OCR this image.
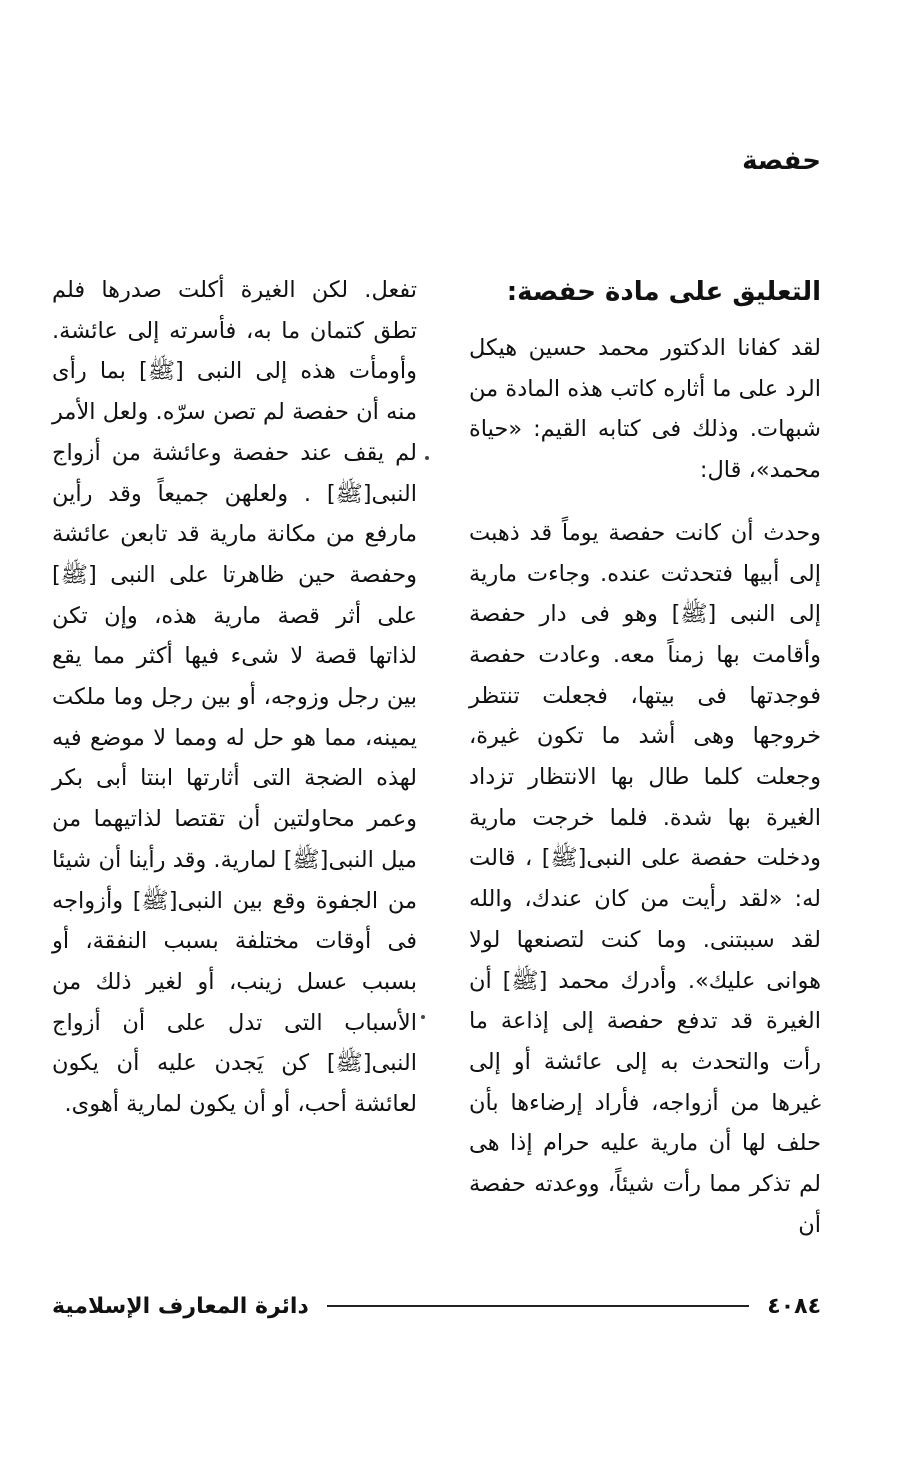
حفصة

التعليق على مادة حفصة:

لقد كفانا الدكتور محمد حسين هيكل الرد على ما أثاره كاتب هذه المادة من شبهات. وذلك فى كتابه القيم: «حياة محمد»، قال:

وحدث أن كانت حفصة يوماً قد ذهبت إلى أبيها فتحدثت عنده. وجاءت مارية إلى النبى [ﷺ] وهو فى دار حفصة وأقامت بها زمناً معه. وعادت حفصة فوجدتها فى بيتها، فجعلت تنتظر خروجها وهى أشد ما تكون غيرة، وجعلت كلما طال بها الانتظار تزداد الغيرة بها شدة. فلما خرجت مارية ودخلت حفصة على النبى[ﷺ] ، قالت له: «لقد رأيت من كان عندك، والله لقد سببتنى. وما كنت لتصنعها لولا هوانى عليك». وأدرك محمد [ﷺ] أن الغيرة قد تدفع حفصة إلى إذاعة ما رأت والتحدث به إلى عائشة أو إلى غيرها من أزواجه، فأراد إرضاءها بأن حلف لها أن مارية عليه حرام إذا هى لم تذكر مما رأت شيئاً، ووعدته حفصة أن

تفعل. لكن الغيرة أكلت صدرها فلم تطق كتمان ما به، فأسرته إلى عائشة. وأومأت هذه إلى النبى [ﷺ] بما رأى منه أن حفصة لم تصن سرّه. ولعل الأمر لم يقف عند حفصة وعائشة من أزواج النبى[ﷺ] . ولعلهن جميعاً وقد رأين مارفع من مكانة مارية قد تابعن عائشة وحفصة حين ظاهرتا على النبى [ﷺ] على أثر قصة مارية هذه، وإن تكن لذاتها قصة لا شىء فيها أكثر مما يقع بين رجل وزوجه، أو بين رجل وما ملكت يمينه، مما هو حل له ومما لا موضع فيه لهذه الضجة التى أثارتها ابنتا أبى بكر وعمر محاولتين أن تقتصا لذاتيهما من ميل النبى[ﷺ] لمارية. وقد رأينا أن شيئا من الجفوة وقع بين النبى[ﷺ] وأزواجه فى أوقات مختلفة بسبب النفقة، أو بسبب عسل زينب، أو لغير ذلك من الأسباب التى تدل على أن أزواج النبى[ﷺ] كن يَجدن عليه أن يكون لعائشة أحب، أو أن يكون لمارية أهوى.

٤٠٨٤
دائرة المعارف الإسلامية
